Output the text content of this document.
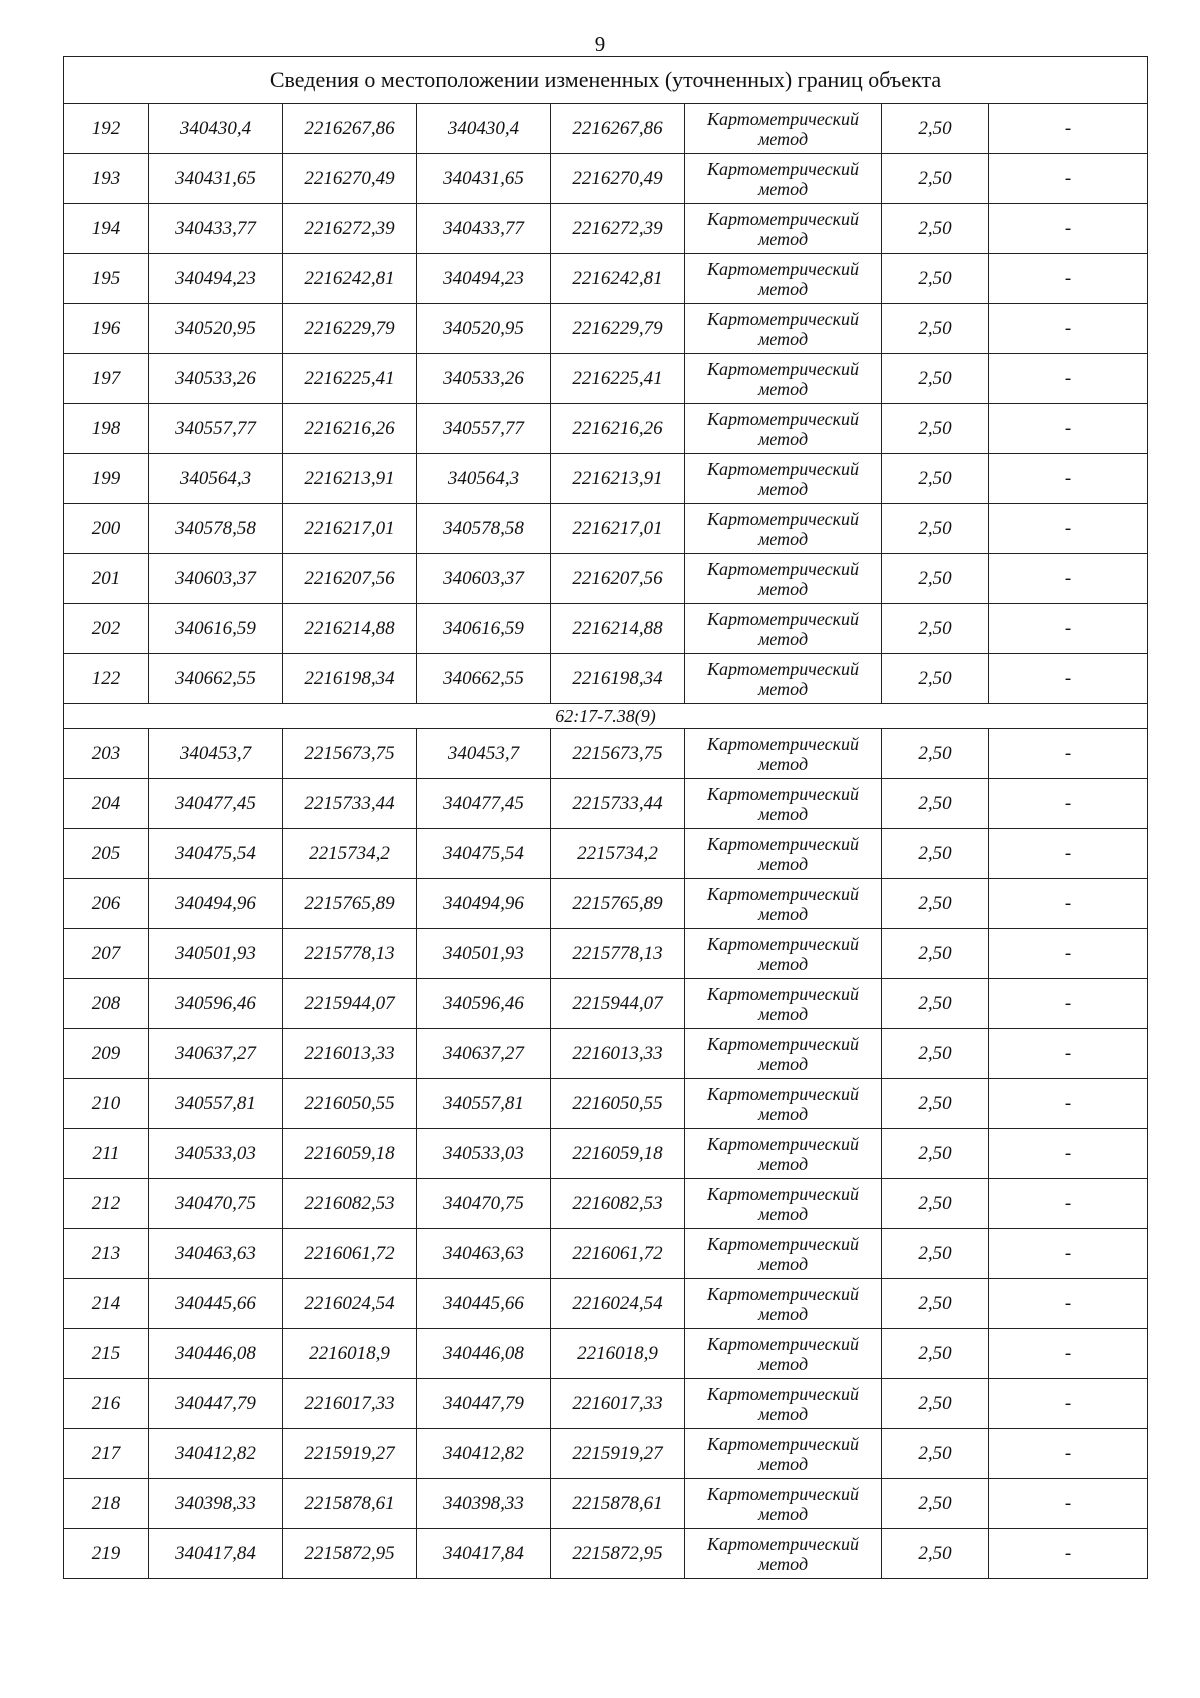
9
Сведения о местоположении измененных (уточненных) границ объекта							
192	340430,4	2216267,86	340430,4	2216267,86	Картометрический метод	2,50	-
193	340431,65	2216270,49	340431,65	2216270,49	Картометрический метод	2,50	-
194	340433,77	2216272,39	340433,77	2216272,39	Картометрический метод	2,50	-
195	340494,23	2216242,81	340494,23	2216242,81	Картометрический метод	2,50	-
196	340520,95	2216229,79	340520,95	2216229,79	Картометрический метод	2,50	-
197	340533,26	2216225,41	340533,26	2216225,41	Картометрический метод	2,50	-
198	340557,77	2216216,26	340557,77	2216216,26	Картометрический метод	2,50	-
199	340564,3	2216213,91	340564,3	2216213,91	Картометрический метод	2,50	-
200	340578,58	2216217,01	340578,58	2216217,01	Картометрический метод	2,50	-
201	340603,37	2216207,56	340603,37	2216207,56	Картометрический метод	2,50	-
202	340616,59	2216214,88	340616,59	2216214,88	Картометрический метод	2,50	-
122	340662,55	2216198,34	340662,55	2216198,34	Картометрический метод	2,50	-
62:17-7.38(9)							
203	340453,7	2215673,75	340453,7	2215673,75	Картометрический метод	2,50	-
204	340477,45	2215733,44	340477,45	2215733,44	Картометрический метод	2,50	-
205	340475,54	2215734,2	340475,54	2215734,2	Картометрический метод	2,50	-
206	340494,96	2215765,89	340494,96	2215765,89	Картометрический метод	2,50	-
207	340501,93	2215778,13	340501,93	2215778,13	Картометрический метод	2,50	-
208	340596,46	2215944,07	340596,46	2215944,07	Картометрический метод	2,50	-
209	340637,27	2216013,33	340637,27	2216013,33	Картометрический метод	2,50	-
210	340557,81	2216050,55	340557,81	2216050,55	Картометрический метод	2,50	-
211	340533,03	2216059,18	340533,03	2216059,18	Картометрический метод	2,50	-
212	340470,75	2216082,53	340470,75	2216082,53	Картометрический метод	2,50	-
213	340463,63	2216061,72	340463,63	2216061,72	Картометрический метод	2,50	-
214	340445,66	2216024,54	340445,66	2216024,54	Картометрический метод	2,50	-
215	340446,08	2216018,9	340446,08	2216018,9	Картометрический метод	2,50	-
216	340447,79	2216017,33	340447,79	2216017,33	Картометрический метод	2,50	-
217	340412,82	2215919,27	340412,82	2215919,27	Картометрический метод	2,50	-
218	340398,33	2215878,61	340398,33	2215878,61	Картометрический метод	2,50	-
219	340417,84	2215872,95	340417,84	2215872,95	Картометрический метод	2,50	-
